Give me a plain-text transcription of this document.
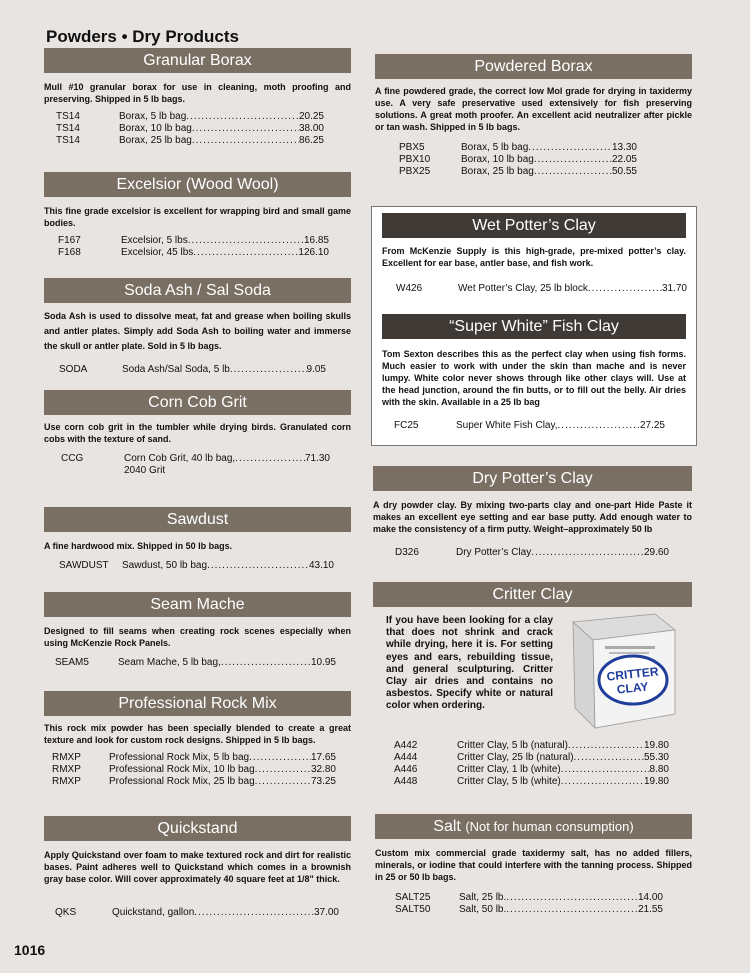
Powders • Dry Products
Granular Borax
Mull #10 granular borax for use in cleaning, moth proofing and preserving. Shipped in 5 lb bags.
TS14	Borax, 5 lb bag .....	20.25
TS14	Borax, 10 lb bag .....	38.00
TS14	Borax, 25 lb bag .....	86.25
Excelsior (Wood Wool)
This fine grade excelsior is excellent for wrapping bird and small game bodies.
F167	Excelsior, 5 lbs .....	16.85
F168	Excelsior, 45 lbs .....	126.10
Soda Ash / Sal Soda
Soda Ash is used to dissolve meat, fat and grease when boiling skulls and antler plates. Simply add Soda Ash to boiling water and immerse the skull or antler plate. Sold in 5 lb bags.
SODA	Soda Ash/Sal Soda, 5 lb .....	9.05
Corn Cob Grit
Use corn cob grit in the tumbler while drying birds. Granulated corn cobs with the texture of sand.
CCG	Corn Cob Grit, 40 lb bag, .....	71.30
2040 Grit
Sawdust
A fine hardwood mix. Shipped in 50 lb bags.
SAWDUST	Sawdust, 50 lb bag .....	43.10
Seam Mache
Designed to fill seams when creating rock scenes especially when using McKenzie Rock Panels.
SEAM5	Seam Mache, 5 lb bag, .....	10.95
Professional Rock Mix
This rock mix powder has been specially blended to create a great texture and look for custom rock designs. Shipped in 5 lb bags.
RMXP	Professional Rock Mix, 5 lb bag .....	17.65
RMXP	Professional Rock Mix, 10 lb bag .....	32.80
RMXP	Professional Rock Mix, 25 lb bag .....	73.25
Quickstand
Apply Quickstand over foam to make textured rock and dirt for realistic bases. Paint adheres well to Quickstand which comes in a brownish gray base color. Will cover approximately 40 square feet at 1/8" thick.
QKS	Quickstand, gallon .....	37.00
Powdered Borax
A fine powdered grade, the correct low Mol grade for drying in taxidermy use. A very safe preservative used extensively for fish preserving solutions. A great moth proofer. An excellent acid neutralizer after pickle or tan wash. Shipped in 5 lb bags.
PBX5	Borax, 5 lb bag .....	13.30
PBX10	Borax, 10 lb bag .....	22.05
PBX25	Borax, 25 lb bag .....	50.55
Wet Potter’s Clay
From McKenzie Supply is this high-grade, pre-mixed potter’s clay. Excellent for ear base, antler base, and fish work.
W426	Wet Potter’s Clay, 25 lb block .....	31.70
“Super White” Fish Clay
Tom Sexton describes this as the perfect clay when using fish forms. Much easier to work with under the skin than mache and is never lumpy. White color never shows through like other clays will. Use at the head junction, around the fin butts, or to fill out the belly. Air dries with the skin. Available in a 25 lb bag
FC25	Super White Fish Clay, .....	27.25
Dry Potter’s Clay
A dry powder clay. By mixing two-parts clay and one-part Hide Paste it makes an excellent eye setting and ear base putty. Add enough water to make the consistency of a firm putty. Weight–approximately 50 lb
D326	Dry Potter’s Clay .....	29.60
Critter Clay
If you have been looking for a clay that does not shrink and crack while drying, here it is. For setting eyes and ears, rebuilding tissue, and general sculpturing. Critter Clay air dries and contains no asbestos. Specify white or natural color when ordering.
CRITTER
CLAY
A442	Critter Clay, 5 lb (natural) .....	19.80
A444	Critter Clay, 25 lb (natural) .....	55.30
A446	Critter Clay, 1 lb (white) .....	8.80
A448	Critter Clay, 5 lb (white) .....	19.80
Salt (Not for human consumption)
Custom mix commercial grade taxidermy salt, has no added fillers, minerals, or iodine that could interfere with the tanning process. Shipped in 25 or 50 lb bags.
SALT25	Salt, 25 lb. .....	14.00
SALT50	Salt, 50 lb. .....	21.55
1016
